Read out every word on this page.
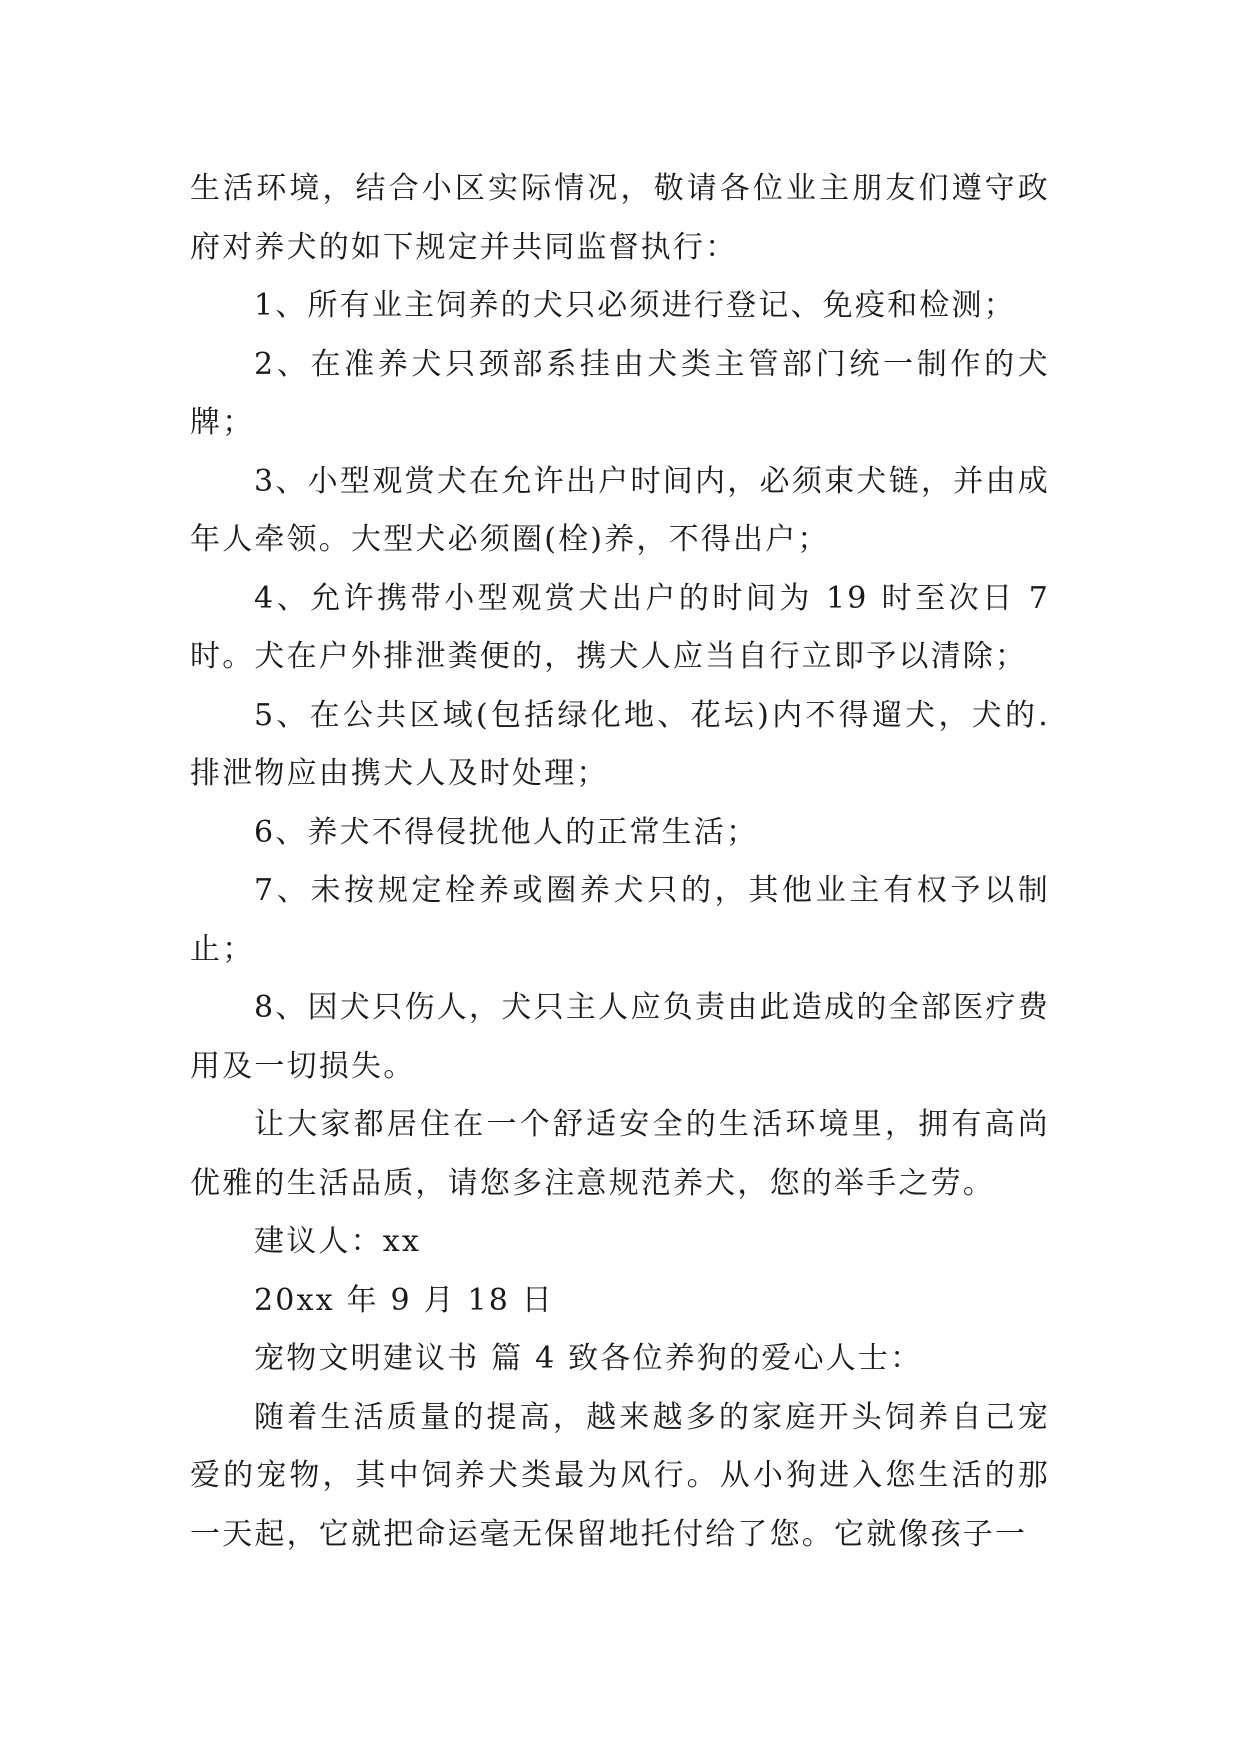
生活环境，结合小区实际情况，敬请各位业主朋友们遵守政府对养犬的如下规定并共同监督执行：

1、所有业主饲养的犬只必须进行登记、免疫和检测；

2、在准养犬只颈部系挂由犬类主管部门统一制作的犬牌；

3、小型观赏犬在允许出户时间内，必须束犬链，并由成年人牵领。大型犬必须圈(栓)养，不得出户；

4、允许携带小型观赏犬出户的时间为 19 时至次日 7 时。犬在户外排泄粪便的，携犬人应当自行立即予以清除；

5、在公共区域(包括绿化地、花坛)内不得遛犬，犬的.排泄物应由携犬人及时处理；

6、养犬不得侵扰他人的正常生活；

7、未按规定栓养或圈养犬只的，其他业主有权予以制止；

8、因犬只伤人，犬只主人应负责由此造成的全部医疗费用及一切损失。

让大家都居住在一个舒适安全的生活环境里，拥有高尚优雅的生活品质，请您多注意规范养犬，您的举手之劳。

建议人：xx

20xx 年 9 月 18 日

宠物文明建议书 篇 4 致各位养狗的爱心人士：

随着生活质量的提高，越来越多的家庭开头饲养自己宠爱的宠物，其中饲养犬类最为风行。从小狗进入您生活的那一天起，它就把命运毫无保留地托付给了您。它就像孩子一
